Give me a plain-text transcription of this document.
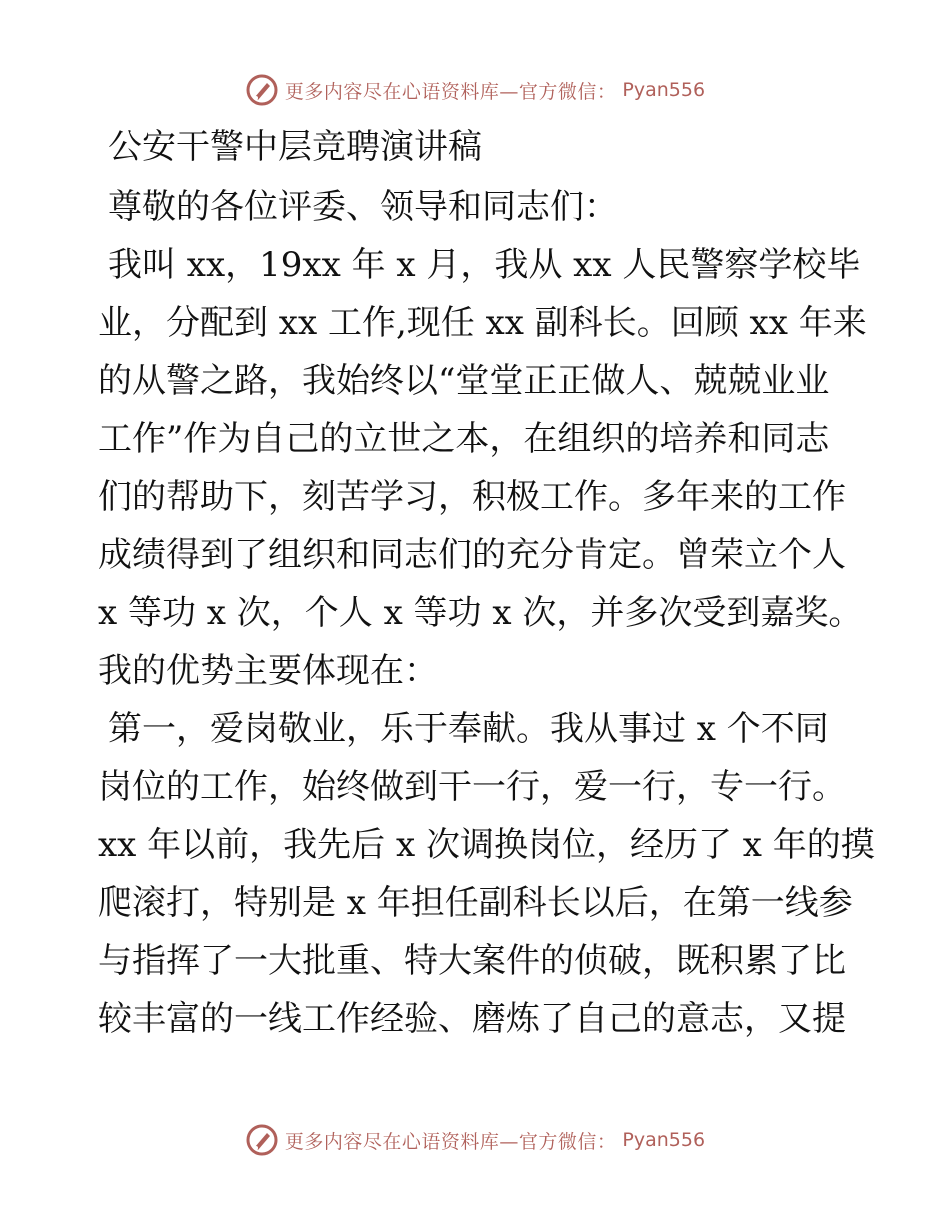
更多内容尽在心语资料库—官方微信： Pyan556
公安干警中层竞聘演讲稿
尊敬的各位评委、领导和同志们：
我叫 xx，19xx 年 x 月，我从 xx 人民警察学校毕
业，分配到 xx 工作,现任 xx 副科长。回顾 xx 年来
的从警之路，我始终以“堂堂正正做人、兢兢业业
工作”作为自己的立世之本，在组织的培养和同志
们的帮助下，刻苦学习，积极工作。多年来的工作
成绩得到了组织和同志们的充分肯定。曾荣立个人
x 等功 x 次，个人 x 等功 x 次，并多次受到嘉奖。
我的优势主要体现在：
第一，爱岗敬业，乐于奉献。我从事过 x 个不同
岗位的工作，始终做到干一行，爱一行，专一行。
xx 年以前，我先后 x 次调换岗位，经历了 x 年的摸
爬滚打，特别是 x 年担任副科长以后，在第一线参
与指挥了一大批重、特大案件的侦破，既积累了比
较丰富的一线工作经验、磨炼了自己的意志，又提
更多内容尽在心语资料库—官方微信： Pyan556
